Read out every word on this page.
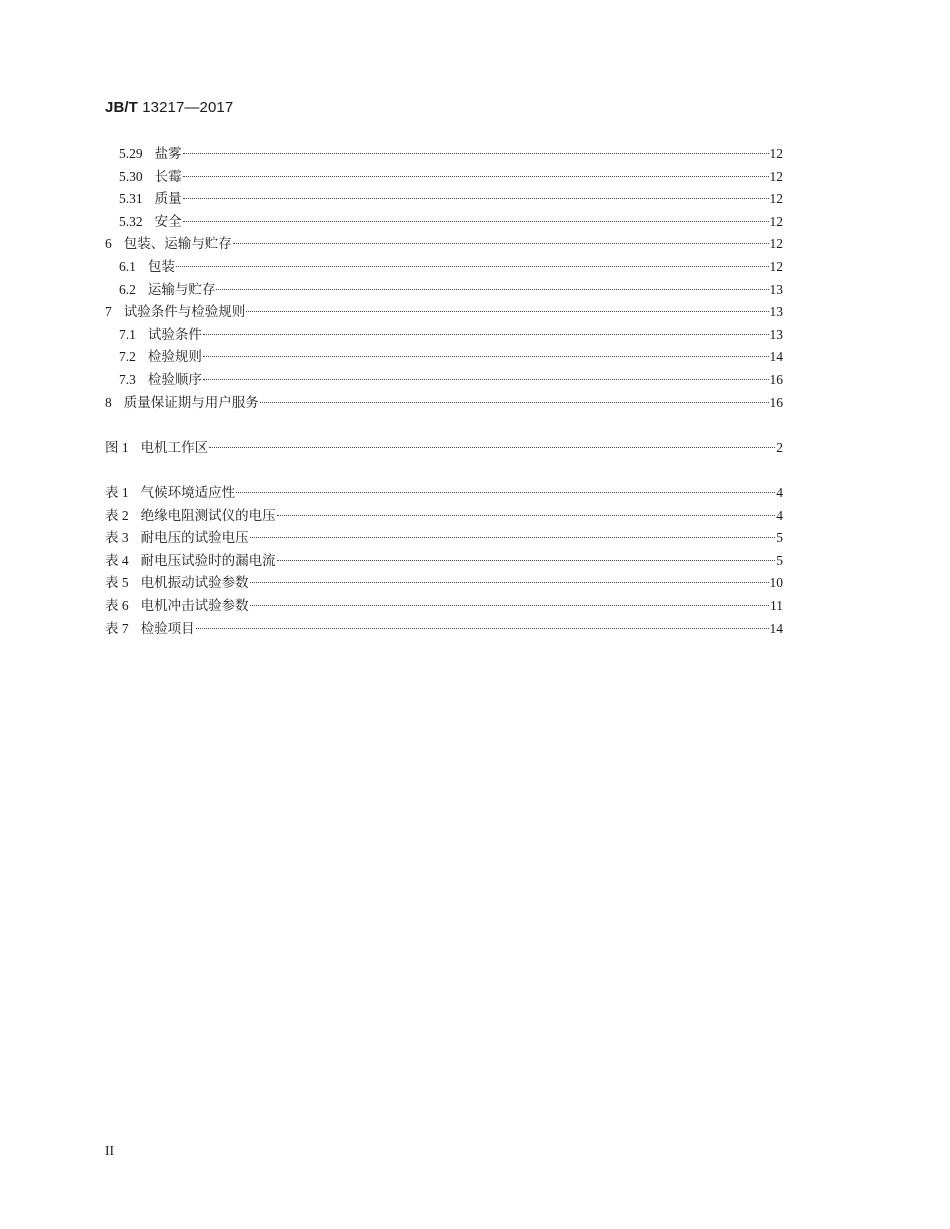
JB/T 13217—2017
5.29 盐雾	12
5.30 长霉	12
5.31 质量	12
5.32 安全	12
6 包装、运输与贮存	12
6.1 包装	12
6.2 运输与贮存	13
7 试验条件与检验规则	13
7.1 试验条件	13
7.2 检验规则	14
7.3 检验顺序	16
8 质量保证期与用户服务	16
图 1 电机工作区	2
表 1 气候环境适应性	4
表 2 绝缘电阻测试仪的电压	4
表 3 耐电压的试验电压	5
表 4 耐电压试验时的漏电流	5
表 5 电机振动试验参数	10
表 6 电机冲击试验参数	11
表 7 检验项目	14
II
